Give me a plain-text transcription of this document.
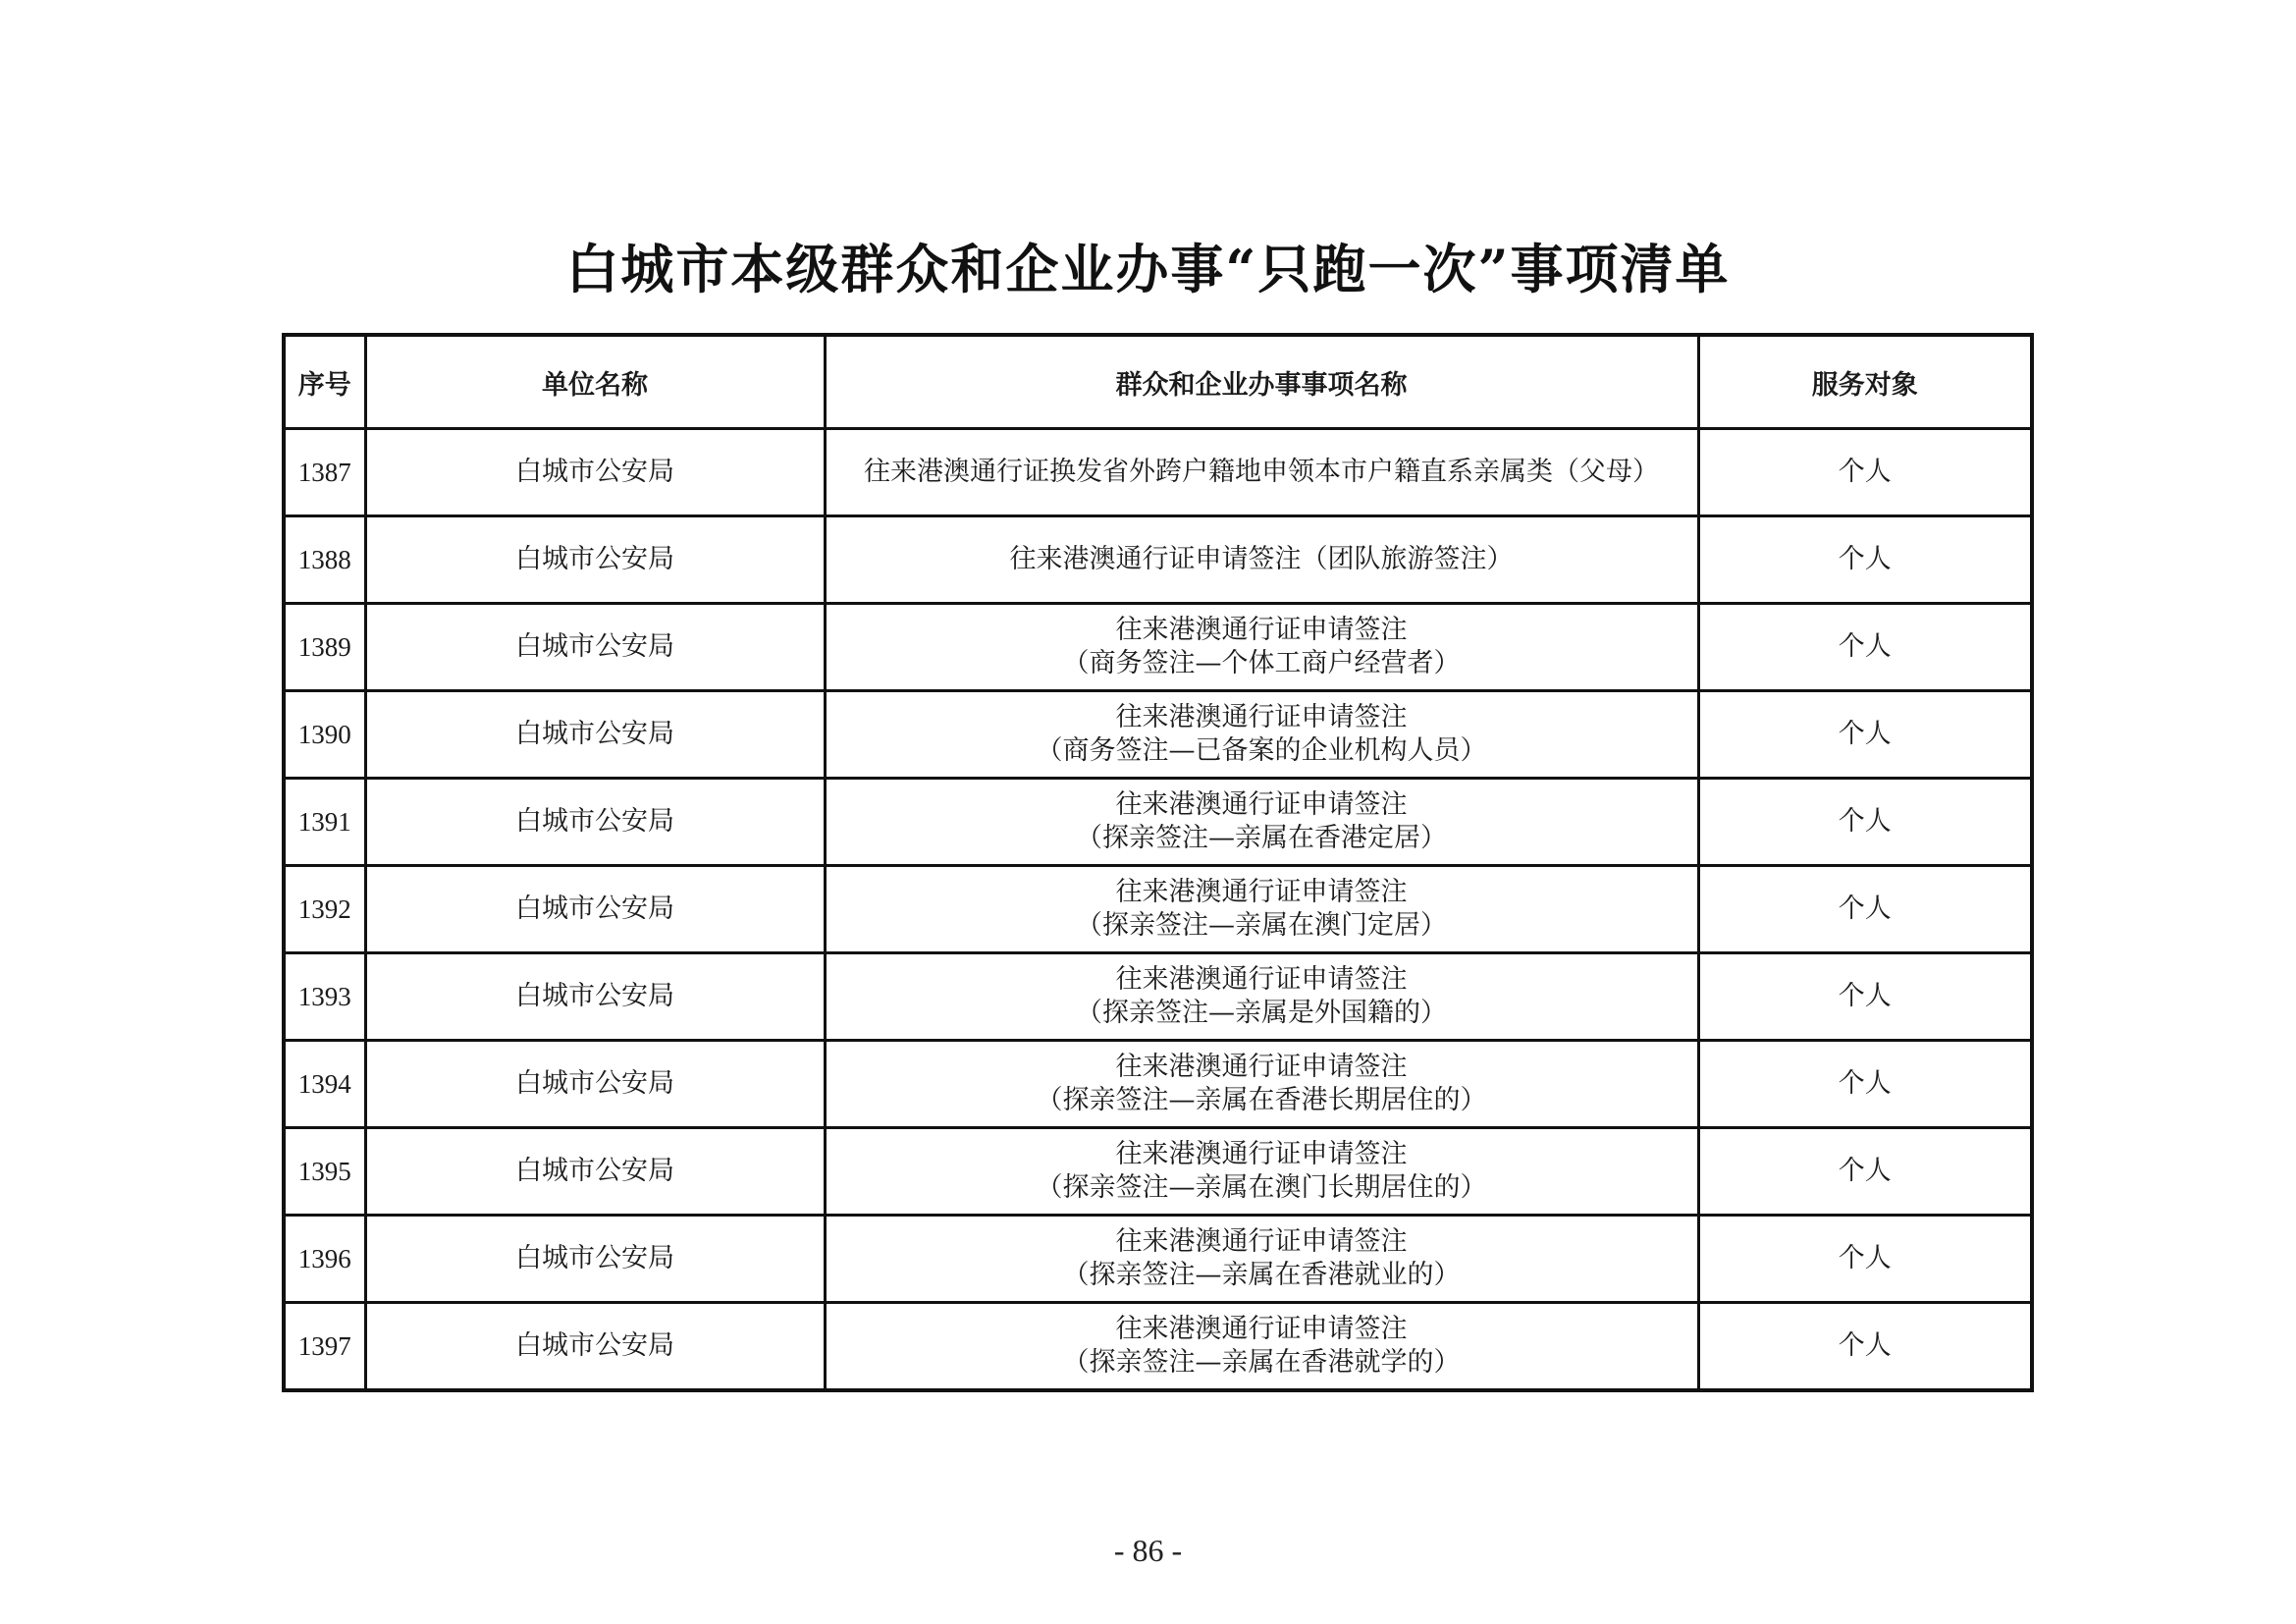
白城市本级群众和企业办事“只跑一次”事项清单
序号	单位名称	群众和企业办事事项名称	服务对象
1387	白城市公安局	往来港澳通行证换发省外跨户籍地申领本市户籍直系亲属类（父母）	个人
1388	白城市公安局	往来港澳通行证申请签注（团队旅游签注）	个人
1389	白城市公安局	往来港澳通行证申请签注
（商务签注—个体工商户经营者）	个人
1390	白城市公安局	往来港澳通行证申请签注
（商务签注—已备案的企业机构人员）	个人
1391	白城市公安局	往来港澳通行证申请签注
（探亲签注—亲属在香港定居）	个人
1392	白城市公安局	往来港澳通行证申请签注
（探亲签注—亲属在澳门定居）	个人
1393	白城市公安局	往来港澳通行证申请签注
（探亲签注—亲属是外国籍的）	个人
1394	白城市公安局	往来港澳通行证申请签注
（探亲签注—亲属在香港长期居住的）	个人
1395	白城市公安局	往来港澳通行证申请签注
（探亲签注—亲属在澳门长期居住的）	个人
1396	白城市公安局	往来港澳通行证申请签注
（探亲签注—亲属在香港就业的）	个人
1397	白城市公安局	往来港澳通行证申请签注
（探亲签注—亲属在香港就学的）	个人
- 86 -
